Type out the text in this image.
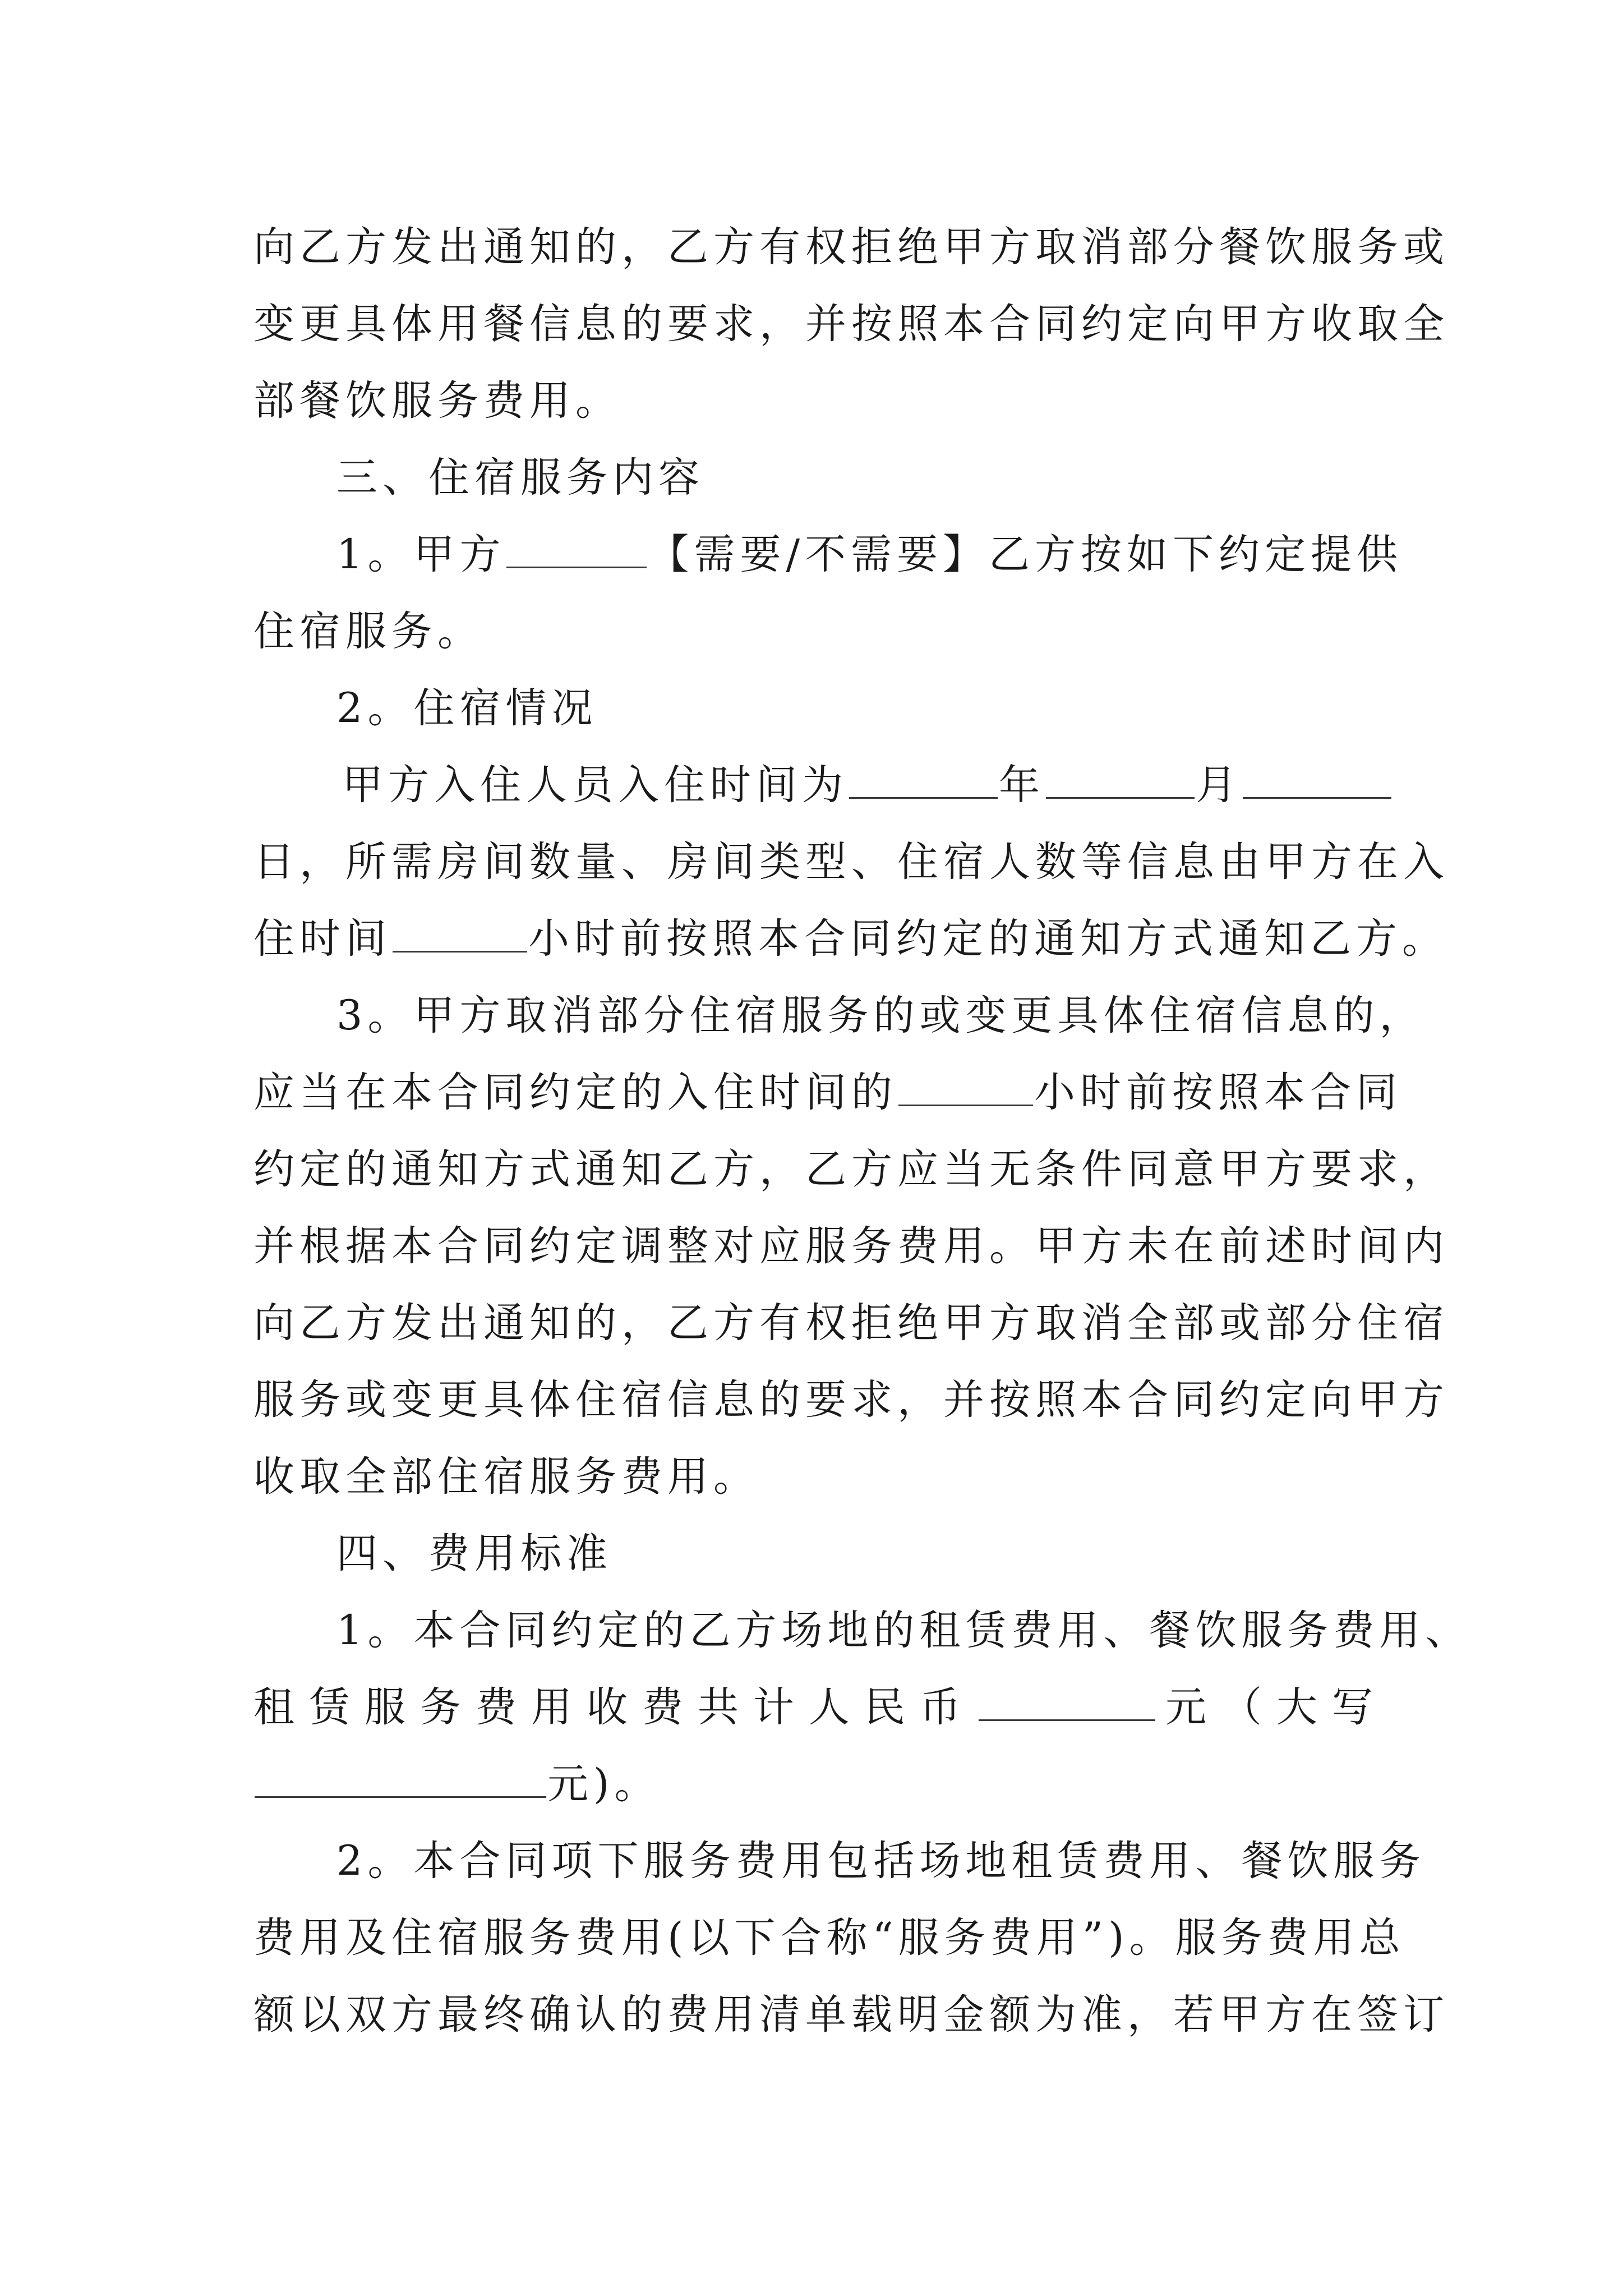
向乙方发出通知的，乙方有权拒绝甲方取消部分餐饮服务或
变更具体用餐信息的要求，并按照本合同约定向甲方收取全
部餐饮服务费用。
三、住宿服务内容
1。甲方	【需要/不需要】乙方按如下约定提供
住宿服务。
2。住宿情况
甲方入住人员入住时间为	年	月
日，所需房间数量、房间类型、住宿人数等信息由甲方在入
住时间	小时前按照本合同约定的通知方式通知乙方。
3。甲方取消部分住宿服务的或变更具体住宿信息的，
应当在本合同约定的入住时间的	小时前按照本合同
约定的通知方式通知乙方，乙方应当无条件同意甲方要求，
并根据本合同约定调整对应服务费用。甲方未在前述时间内
向乙方发出通知的，乙方有权拒绝甲方取消全部或部分住宿
服务或变更具体住宿信息的要求，并按照本合同约定向甲方
收取全部住宿服务费用。
四、费用标准
1。本合同约定的乙方场地的租赁费用、餐饮服务费用、
租赁服务费用收费共计人民币	元（大写
元)。
2。本合同项下服务费用包括场地租赁费用、餐饮服务
费用及住宿服务费用(以下合称“服务费用”)。服务费用总
额以双方最终确认的费用清单载明金额为准，若甲方在签订
